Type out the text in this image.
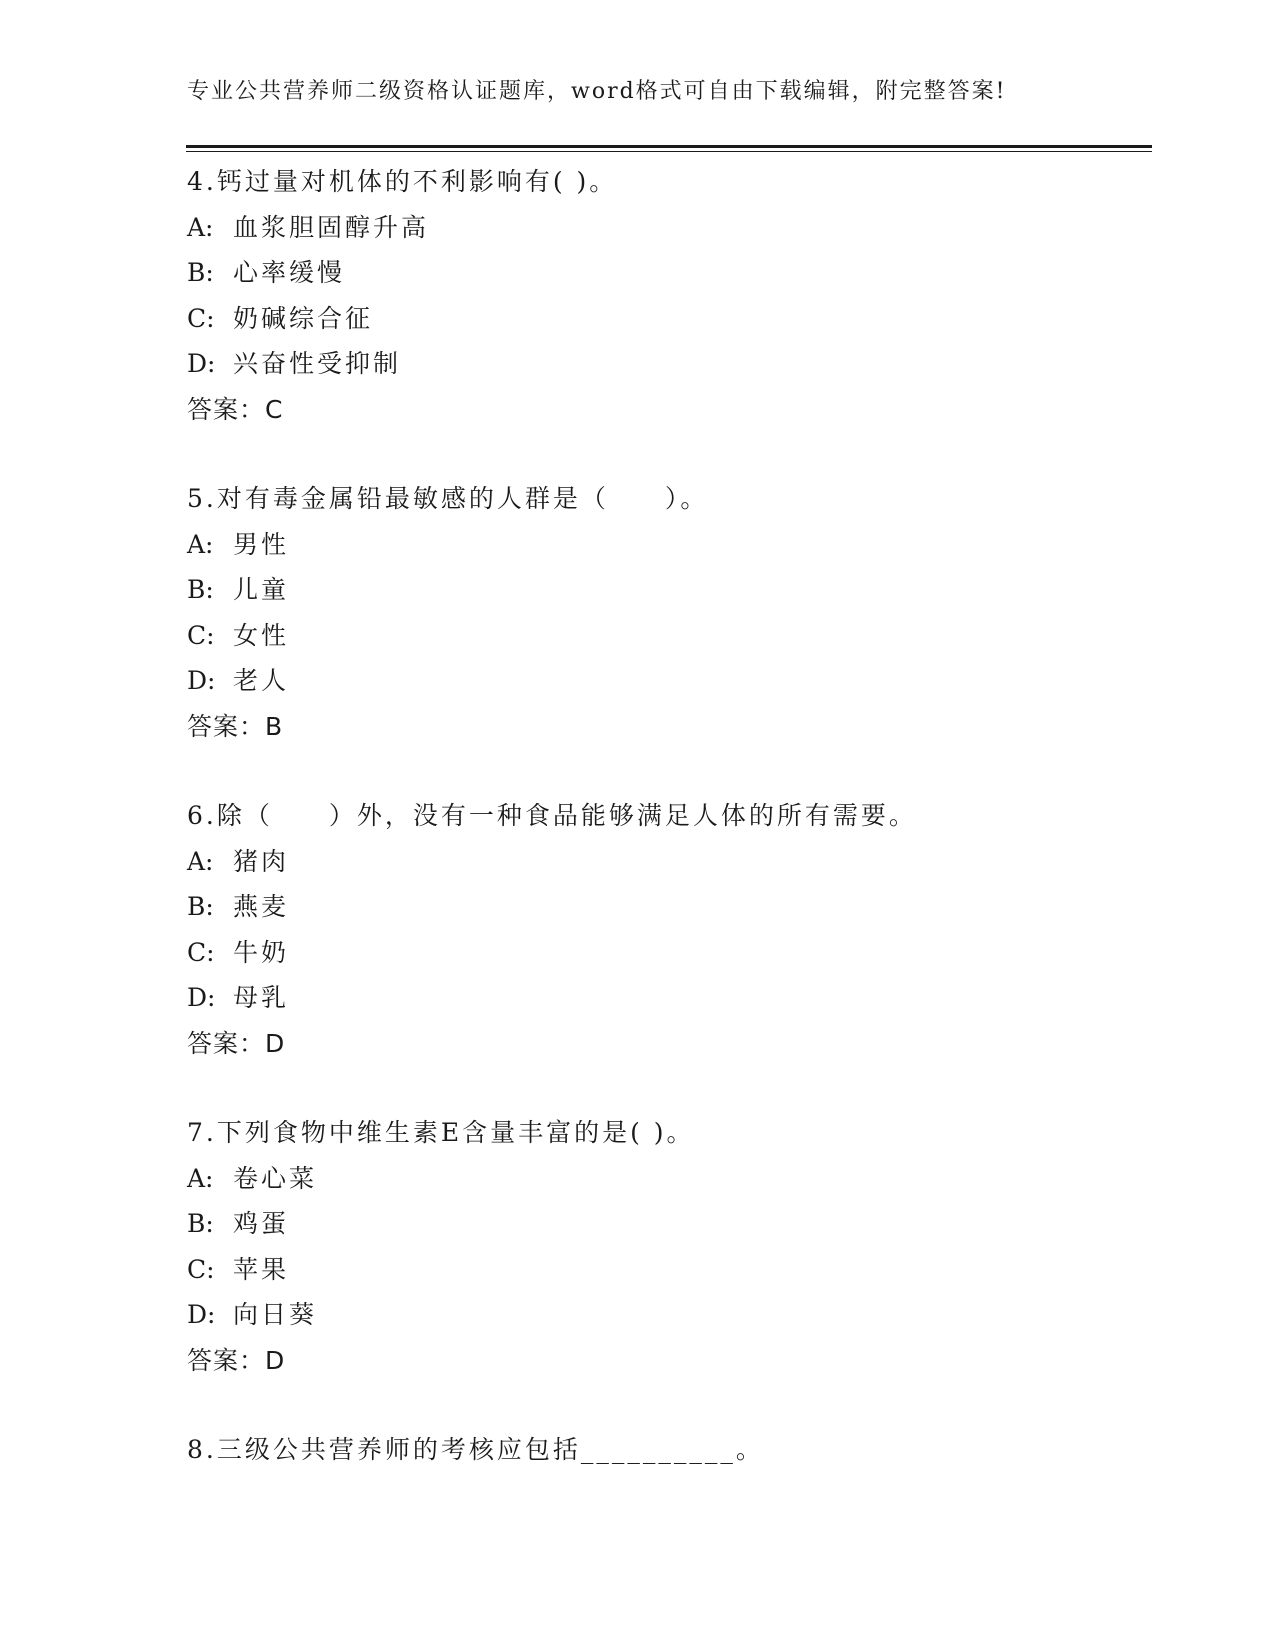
专业公共营养师二级资格认证题库，word格式可自由下载编辑，附完整答案!
4.钙过量对机体的不利影响有( )。
A: 血浆胆固醇升高
B: 心率缓慢
C: 奶碱综合征
D: 兴奋性受抑制
答案：C
5.对有毒金属铅最敏感的人群是（　　）。
A: 男性
B: 儿童
C: 女性
D: 老人
答案：B
6.除（　　）外，没有一种食品能够满足人体的所有需要。
A: 猪肉
B: 燕麦
C: 牛奶
D: 母乳
答案：D
7.下列食物中维生素E含量丰富的是( )。
A: 卷心菜
B: 鸡蛋
C: 苹果
D: 向日葵
答案：D
8.三级公共营养师的考核应包括__________。
